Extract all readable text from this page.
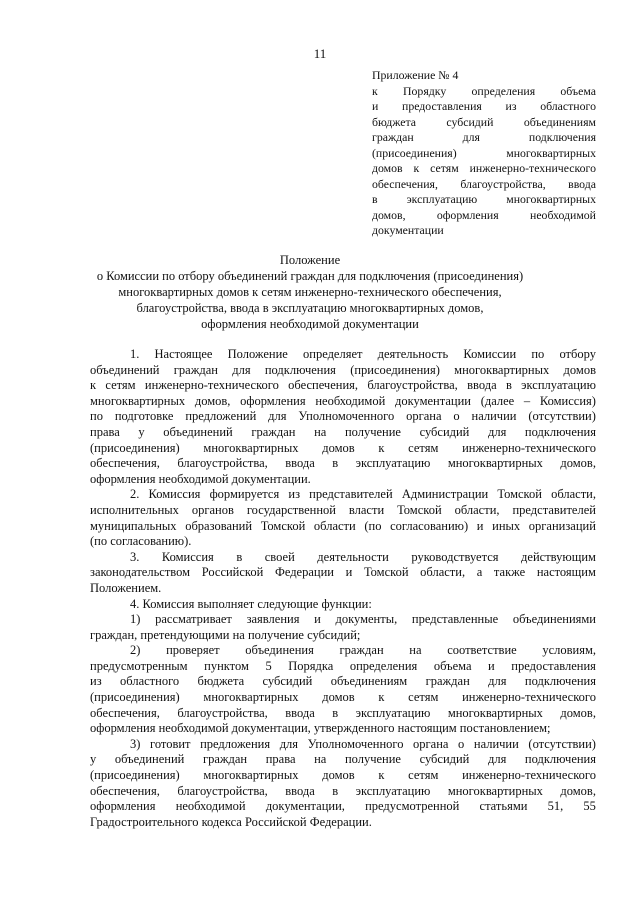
11
Приложение № 4
к Порядку определения объема
и предоставления из областного
бюджета	субсидий	объединениям
граждан	для	подключения
(присоединения)	многоквартирных
домов к сетям инженерно-технического
обеспечения, благоустройства, ввода
в эксплуатацию многоквартирных
домов,	оформления	необходимой
документации
Положение
о Комиссии по отбору объединений граждан для подключения (присоединения)
многоквартирных домов к сетям инженерно-технического обеспечения,
благоустройства, ввода в эксплуатацию многоквартирных домов,
оформления необходимой документации
1. Настоящее Положение определяет деятельность Комиссии по отбору
объединений граждан для подключения (присоединения) многоквартирных домов
к сетям инженерно-технического обеспечения, благоустройства, ввода в эксплуатацию
многоквартирных домов, оформления необходимой документации (далее – Комиссия)
по подготовке предложений для Уполномоченного органа о наличии (отсутствии)
права у объединений граждан на получение субсидий для подключения
(присоединения) многоквартирных домов к сетям инженерно-технического
обеспечения, благоустройства, ввода в эксплуатацию многоквартирных домов,
оформления необходимой документации.
2. Комиссия формируется из представителей Администрации Томской области,
исполнительных органов государственной власти Томской области, представителей
муниципальных образований Томской области (по согласованию) и иных организаций
(по согласованию).
3. Комиссия в своей деятельности руководствуется действующим
законодательством Российской Федерации и Томской области, а также настоящим
Положением.
4. Комиссия выполняет следующие функции:
1) рассматривает заявления и документы, представленные объединениями
граждан, претендующими на получение субсидий;
2) проверяет объединения граждан на соответствие условиям,
предусмотренным пунктом 5 Порядка определения объема и предоставления
из областного бюджета субсидий объединениям граждан для подключения
(присоединения) многоквартирных домов к сетям инженерно-технического
обеспечения, благоустройства, ввода в эксплуатацию многоквартирных домов,
оформления необходимой документации, утвержденного настоящим постановлением;
3) готовит предложения для Уполномоченного органа о наличии (отсутствии)
у объединений граждан права на получение субсидий для подключения
(присоединения) многоквартирных домов к сетям инженерно-технического
обеспечения, благоустройства, ввода в эксплуатацию многоквартирных домов,
оформления необходимой документации, предусмотренной статьями 51, 55
Градостроительного кодекса Российской Федерации.
